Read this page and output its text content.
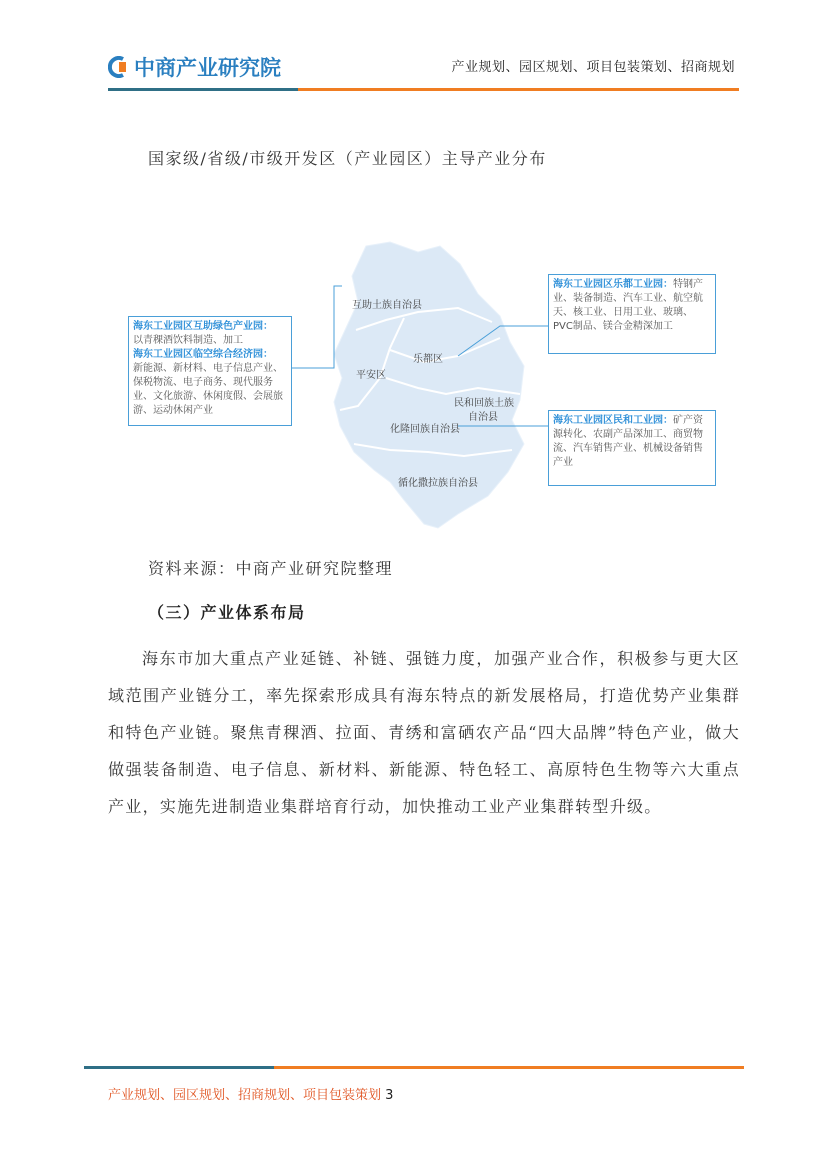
中商产业研究院	产业规划、园区规划、项目包装策划、招商规划
国家级/省级/市级开发区（产业园区）主导产业分布
互助土族自治县
乐都区
平安区
民和回族土族
自治县
化隆回族自治县
循化撒拉族自治县
海东工业园区互助绿色产业园：
以青稞酒饮料制造、加工
海东工业园区临空综合经济园：
新能源、新材料、电子信息产业、保税物流、电子商务、现代服务业、文化旅游、休闲度假、会展旅游、运动休闲产业
海东工业园区乐都工业园：特钢产业、装备制造、汽车工业、航空航天、核工业、日用工业、玻璃、PVC制品、镁合金精深加工
海东工业园区民和工业园：矿产资源转化、农副产品深加工、商贸物流、汽车销售产业、机械设备销售产业
资料来源：中商产业研究院整理
（三）产业体系布局
海东市加大重点产业延链、补链、强链力度，加强产业合作，积极参与更大区域范围产业链分工，率先探索形成具有海东特点的新发展格局，打造优势产业集群和特色产业链。聚焦青稞酒、拉面、青绣和富硒农产品“四大品牌”特色产业，做大做强装备制造、电子信息、新材料、新能源、特色轻工、高原特色生物等六大重点产业，实施先进制造业集群培育行动，加快推动工业产业集群转型升级。
产业规划、园区规划、招商规划、项目包装策划 3
